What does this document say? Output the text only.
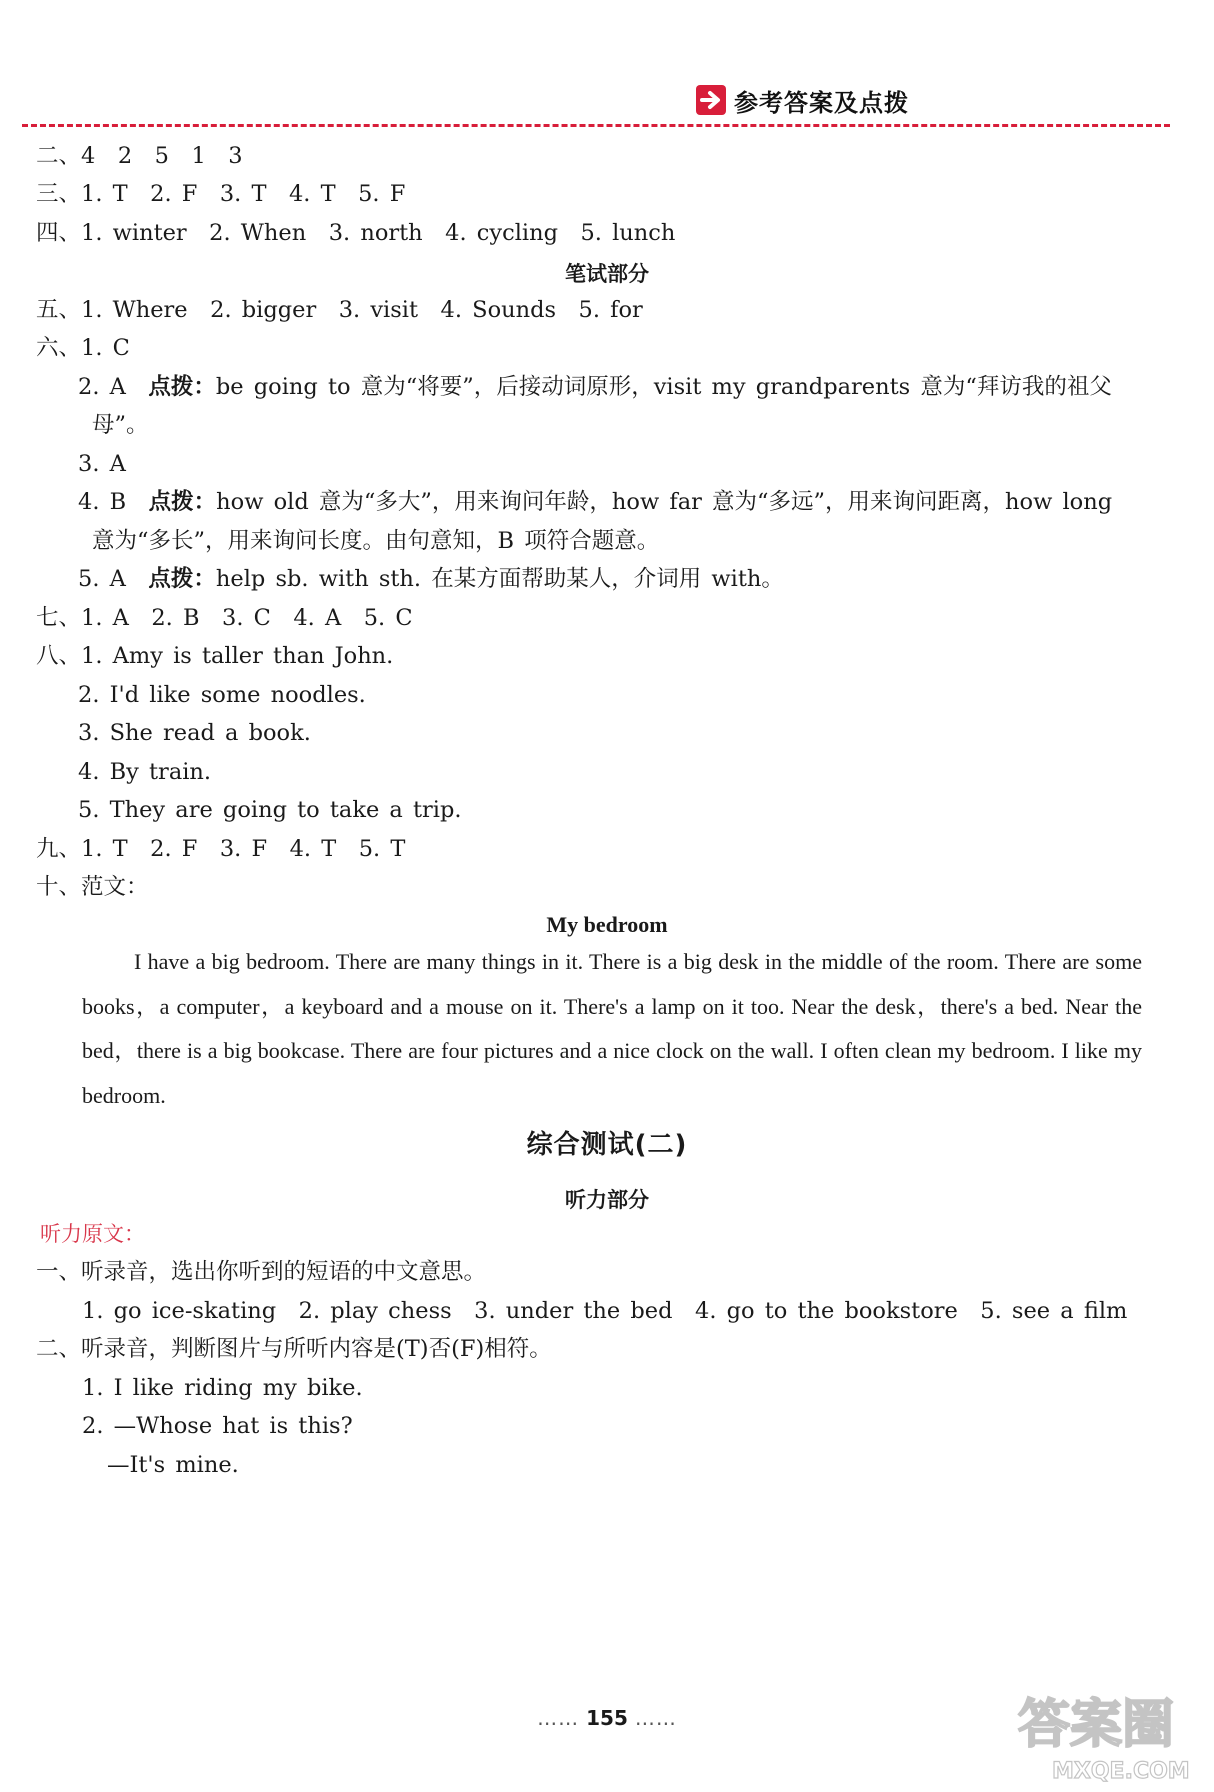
参考答案及点拨
二、4　2　5　1　3
三、1. T　2. F　3. T　4. T　5. F
四、1. winter　2. When　3. north　4. cycling　5. lunch
笔试部分
五、1. Where　2. bigger　3. visit　4. Sounds　5. for
六、1. C
2. A　点拨：be going to 意为“将要”，后接动词原形，visit my grandparents 意为“拜访我的祖父
母”。
3. A
4. B　点拨：how old 意为“多大”，用来询问年龄，how far 意为“多远”，用来询问距离，how long
意为“多长”，用来询问长度。由句意知，B 项符合题意。
5. A　点拨：help sb. with sth. 在某方面帮助某人，介词用 with。
七、1. A　2. B　3. C　4. A　5. C
八、1. Amy is taller than John.
2. I'd like some noodles.
3. She read a book.
4. By train.
5. They are going to take a trip.
九、1. T　2. F　3. F　4. T　5. T
十、范文：
My bedroom
I have a big bedroom. There are many things in it. There is a big desk in the middle of the room. There are some books，a computer，a keyboard and a mouse on it. There's a lamp on it too. Near the desk，there's a bed. Near the bed，there is a big bookcase. There are four pictures and a nice clock on the wall. I often clean my bedroom. I like my bedroom.
综合测试(二)
听力部分
听力原文：
一、听录音，选出你听到的短语的中文意思。
1. go ice-skating　2. play chess　3. under the bed　4. go to the bookstore　5. see a film
二、听录音，判断图片与所听内容是(T)否(F)相符。
1. I like riding my bike.
2. —Whose hat is this?
—It's mine.
…… 155 ……	答案圈
MXQE.COM
